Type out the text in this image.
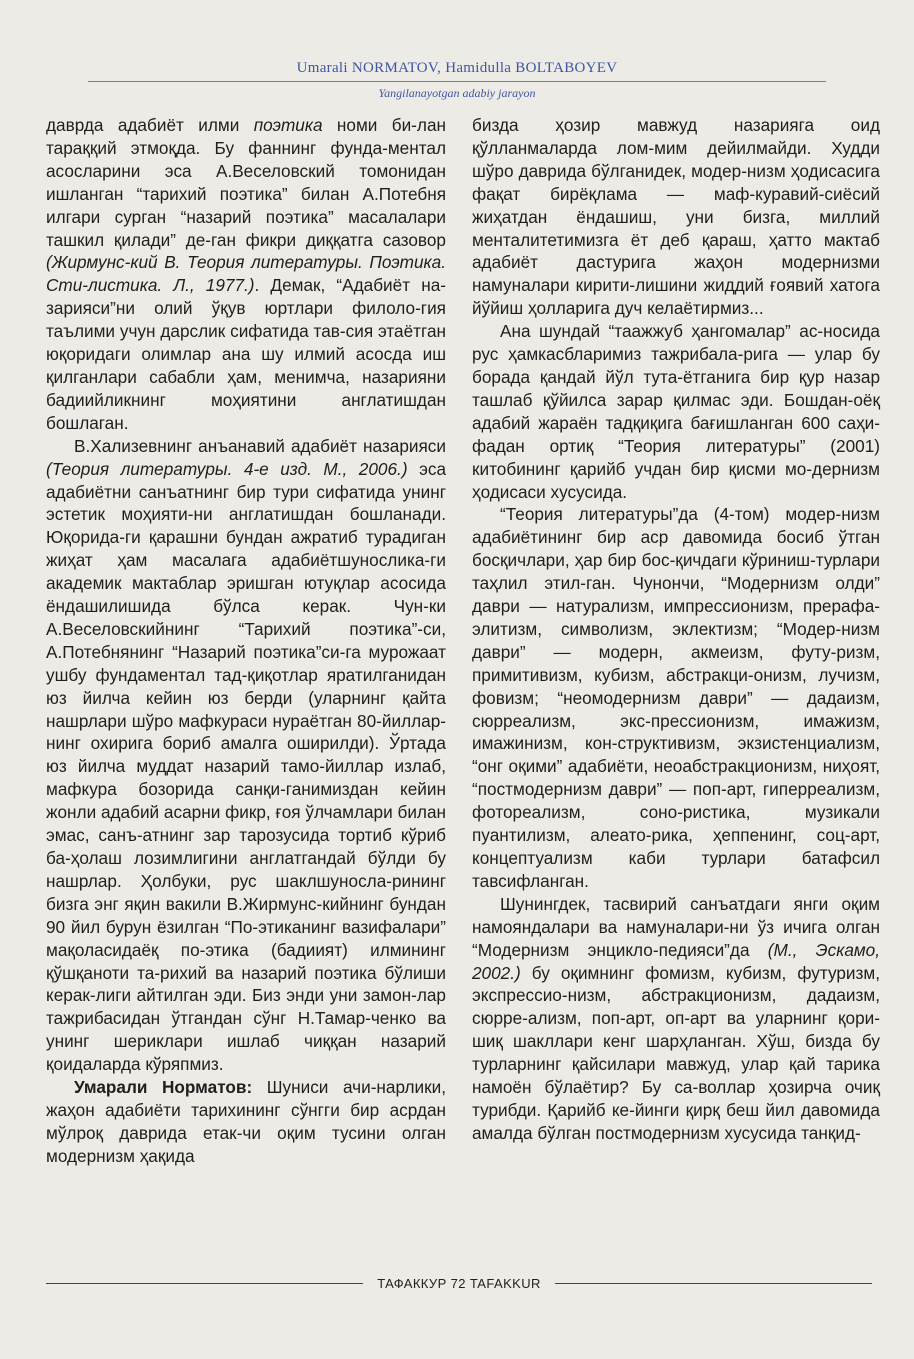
Umarali NORMATOV, Hamidulla BOLTABOYEV
Yangilanayotgan adabiy jarayon

даврда адабиёт илми поэтика номи би-лан тараққий этмоқда. Бу фаннинг фунда-ментал асосларини эса А.Веселовский томонидан ишланган “тарихий поэтика” билан А.Потебня илгари сурган “назарий поэтика” масалалари ташкил қилади” де-ган фикри диққатга сазовор (Жирмунс-кий В. Теория литературы. Поэтика. Сти-листика. Л., 1977.). Демак, “Адабиёт на-зарияси”ни олий ўқув юртлари филоло-гия таълими учун дарслик сифатида тав-сия этаётган юқоридаги олимлар ана шу илмий асосда иш қилганлари сабабли ҳам, менимча, назарияни бадиийликнинг моҳиятини англатишдан бошлаган.

В.Хализевнинг анъанавий адабиёт назарияси (Теория литературы. 4-е изд. М., 2006.) эса адабиётни санъатнинг бир тури сифатида унинг эстетик моҳияти-ни англатишдан бошланади. Юқорида-ги қарашни бундан ажратиб турадиган жиҳат ҳам масалага адабиётшунослика-ги академик мактаблар эришган ютуқлар асосида ёндашилишида бўлса керак. Чун-ки А.Веселовскийнинг “Тарихий поэтика”-си, А.Потебнянинг “Назарий поэтика”си-га мурожаат ушбу фундаментал тад-қиқотлар яратилганидан юз йилча кейин юз берди (уларнинг қайта нашрлари шўро мафкураси нураётган 80-йиллар-нинг охирига бориб амалга оширилди). Ўртада юз йилча муддат назарий тамо-йиллар излаб, мафкура бозорида санқи-ганимиздан кейин жонли адабий асарни фикр, ғоя ўлчамлари билан эмас, санъ-атнинг зар тарозусида тортиб кўриб ба-ҳолаш лозимлигини англатгандай бўлди бу нашрлар. Ҳолбуки, рус шаклшуносла-рининг бизга энг яқин вакили В.Жирмунс-кийнинг бундан 90 йил бурун ёзилган “По-этиканинг вазифалари” мақоласидаёқ по-этика (бадиият) илмининг қўшқаноти та-рихий ва назарий поэтика бўлиши керак-лиги айтилган эди. Биз энди уни замон-лар тажрибасидан ўтгандан сўнг Н.Тамар-ченко ва унинг шериклари ишлаб чиққан назарий қоидаларда кўряпмиз.

Умарали Норматов: Шуниси ачи-нарлики, жаҳон адабиёти тарихининг сўнгги бир асрдан мўлроқ даврида етак-чи оқим тусини олган модернизм ҳақида

бизда ҳозир мавжуд назарияга оид қўлланмаларда лом-мим дейилмайди. Худди шўро даврида бўлганидек, модер-низм ҳодисасига фақат бирёқлама — маф-куравий-сиёсий жиҳатдан ёндашиш, уни бизга, миллий менталитетимизга ёт деб қараш, ҳатто мактаб адабиёт дастурига жаҳон модернизми намуналари кирити-лишини жиддий ғоявий хатога йўйиш ҳолларига дуч келаётирмиз...

Ана шундай “таажжуб ҳангомалар” ас-носида рус ҳамкасбларимиз тажрибала-рига — улар бу борада қандай йўл тута-ётганига бир қур назар ташлаб қўйилса зарар қилмас эди. Бошдан-оёқ адабий жараён тадқиқига бағишланган 600 саҳи-фадан ортиқ “Теория литературы” (2001) китобининг қарийб учдан бир қисми мо-дернизм ҳодисаси хусусида.

“Теория литературы”да (4-том) модер-низм адабиётининг бир аср давомида босиб ўтган босқичлари, ҳар бир бос-қичдаги кўриниш-турлари таҳлил этил-ган. Чунончи, “Модернизм олди” даври — натурализм, импрессионизм, прерафа-элитизм, символизм, эклектизм; “Модер-низм даври” — модерн, акмеизм, футу-ризм, примитивизм, кубизм, абстракци-онизм, лучизм, фовизм; “неомодернизм даври” — дадаизм, сюрреализм, экс-прессионизм, имажизм, имажинизм, кон-структивизм, экзистенциализм, “онг оқими” адабиёти, неоабстракционизм, ниҳоят, “постмодернизм даври” — поп-арт, гиперреализм, фотореализм, соно-ристика, музикали пуантилизм, алеато-рика, ҳеппенинг, соц-арт, концептуализм каби турлари батафсил тавсифланган.

Шунингдек, тасвирий санъатдаги янги оқим намояндалари ва намуналари-ни ўз ичига олган “Модернизм энцикло-педияси”да (М., Эскамо, 2002.) бу оқимнинг фомизм, кубизм, футуризм, экспрессио-низм, абстракционизм, дадаизм, сюрре-ализм, поп-арт, оп-арт ва уларнинг қори-шиқ шакллари кенг шарҳланган. Хўш, бизда бу турларнинг қайсилари мавжуд, улар қай тарика намоён бўлаётир? Бу са-воллар ҳозирча очиқ турибди. Қарийб ке-йинги қирқ беш йил давомида амалда бўлган постмодернизм хусусида танқид-

ТАФАККУР 72 TAFAKKUR
